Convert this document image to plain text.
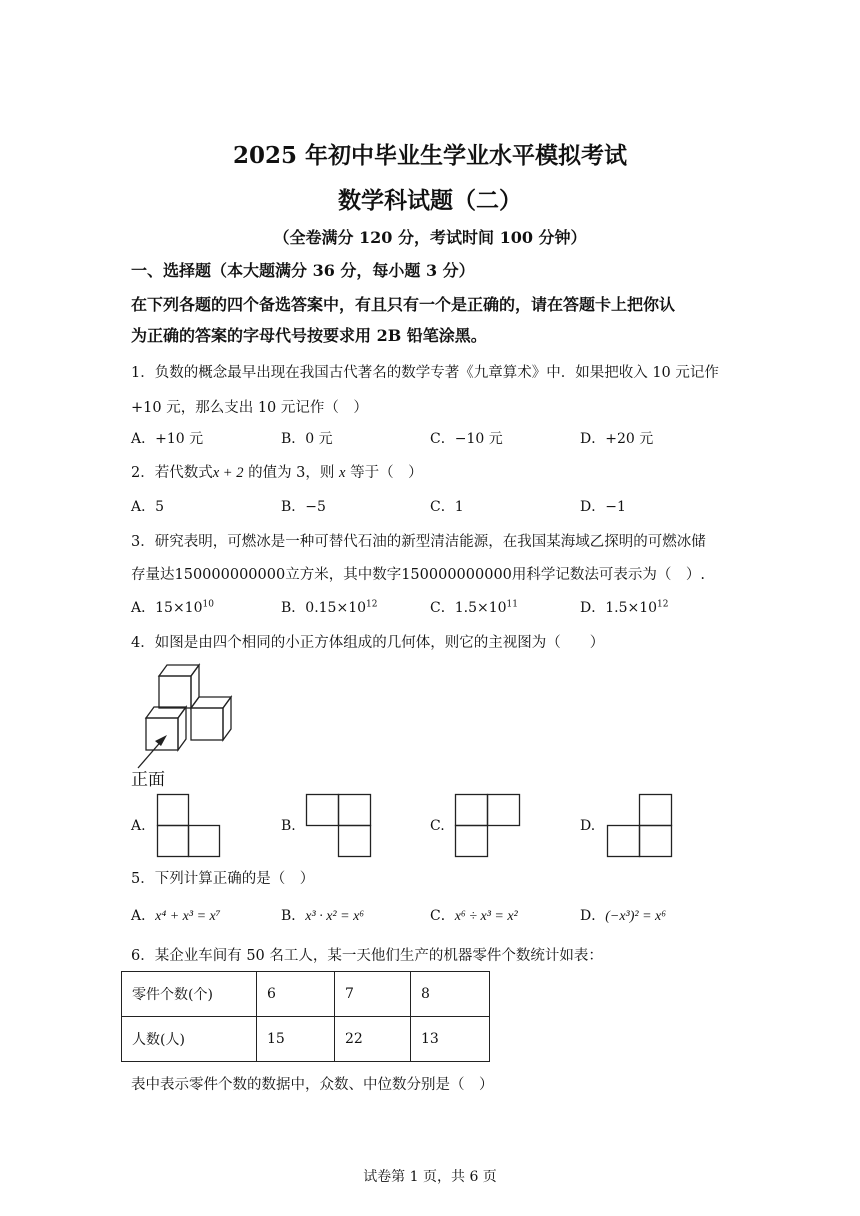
2025 年初中毕业生学业水平模拟考试
数学科试题（二）
（全卷满分 120 分，考试时间 100 分钟）
一、选择题（本大题满分 36 分，每小题 3 分）
在下列各题的四个备选答案中，有且只有一个是正确的，请在答题卡上把你认
为正确的答案的字母代号按要求用 2B 铅笔涂黑。
1．负数的概念最早出现在我国古代著名的数学专著《九章算术》中．如果把收入 10 元记作
+10 元，那么支出 10 元记作（　）
A．+10 元	B．0 元	C．−10 元	D．+20 元
2．若代数式x + 2 的值为 3，则 x 等于（　）
A．5	B．−5	C．1	D．−1
3．研究表明，可燃冰是一种可替代石油的新型清洁能源，在我国某海域乙探明的可燃冰储
存量达150000000000立方米，其中数字150000000000用科学记数法可表示为（　）.
A．$15\times 10^{10}$	B．$0.15\times 10^{12}$	C．$1.5\times 10^{11}$	D．$1.5\times 10^{12}$
4．如图是由四个相同的小正方体组成的几何体，则它的主视图为（　　）
正面
A.	B.	C.	D.
5．下列计算正确的是（　）
A．x⁴ + x³ = x⁷	B．x³ · x² = x⁶	C．x⁶ ÷ x³ = x²	D．(−x³)² = x⁶
6．某企业车间有 50 名工人，某一天他们生产的机器零件个数统计如表：
零件个数(个)	6	7	8
人数(人)	15	22	13
表中表示零件个数的数据中，众数、中位数分别是（　）
试卷第 1 页，共 6 页
